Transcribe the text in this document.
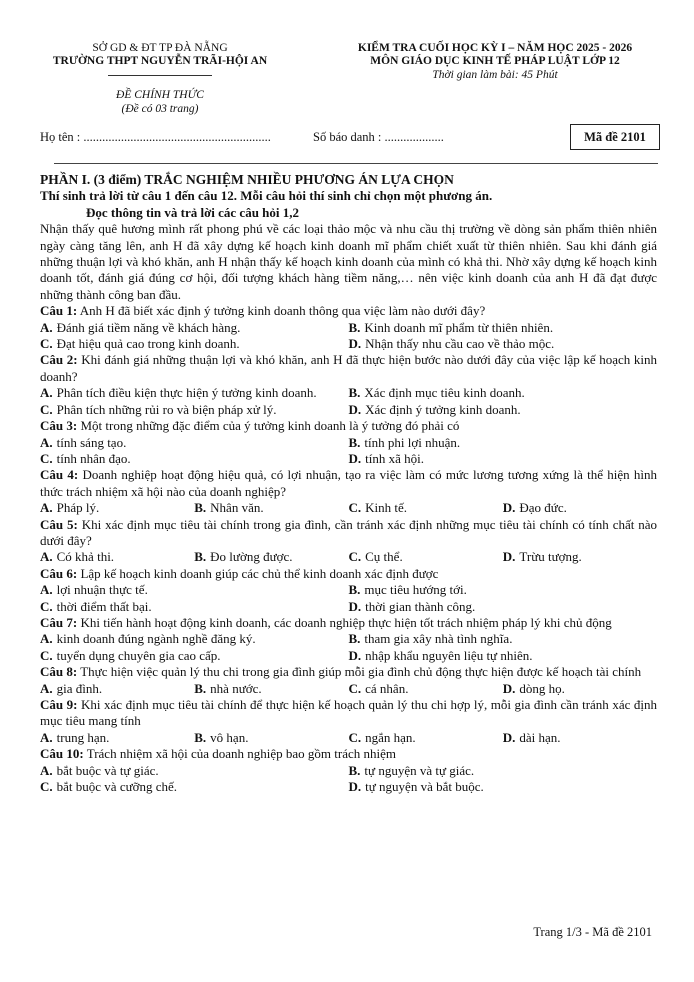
SỞ GD & ĐT TP ĐÀ NẴNG
TRƯỜNG THPT NGUYỄN TRÃI-HỘI AN
ĐỀ CHÍNH THỨC
(Đề có 03 trang)
KIỂM TRA CUỐI HỌC KỲ I – NĂM HỌC 2025 - 2026
MÔN GIÁO DỤC KINH TẾ PHÁP LUẬT LỚP 12
Thời gian làm bài: 45 Phút
Họ tên : ............................................................	Số báo danh : ...................	Mã đề 2101
PHẦN I. (3 điểm) TRẮC NGHIỆM NHIỀU PHƯƠNG ÁN LỰA CHỌN
Thí sinh trả lời từ câu 1 đến câu 12. Mỗi câu hỏi thí sinh chỉ chọn một phương án.
Đọc thông tin và trả lời các câu hỏi 1,2
Nhận thấy quê hương mình rất phong phú về các loại thảo mộc và nhu cầu thị trường về dòng sản phẩm thiên nhiên ngày càng tăng lên, anh H đã xây dựng kế hoạch kinh doanh mĩ phẩm chiết xuất từ thiên nhiên. Sau khi đánh giá những thuận lợi và khó khăn, anh H nhận thấy kế hoạch kinh doanh của mình có khả thi. Nhờ xây dựng kế hoạch kinh doanh tốt, đánh giá đúng cơ hội, đối tượng khách hàng tiềm năng,… nên việc kinh doanh của anh H đã đạt được những thành công ban đầu.
Câu 1: Anh H đã biết xác định ý tưởng kinh doanh thông qua việc làm nào dưới đây?
A. Đánh giá tiềm năng về khách hàng.	B. Kinh doanh mĩ phẩm từ thiên nhiên.
C. Đạt hiệu quả cao trong kinh doanh.	D. Nhận thấy nhu cầu cao về thảo mộc.
Câu 2: Khi đánh giá những thuận lợi và khó khăn, anh H đã thực hiện bước nào dưới đây của việc lập kế hoạch kinh doanh?
A. Phân tích điều kiện thực hiện ý tưởng kinh doanh.	B. Xác định mục tiêu kinh doanh.
C. Phân tích những rủi ro và biện pháp xử lý.	D. Xác định ý tưởng kinh doanh.
Câu 3: Một trong những đặc điểm của ý tưởng kinh doanh là ý tưởng đó phải có
A. tính sáng tạo.	B. tính phi lợi nhuận.
C. tính nhân đạo.	D. tính xã hội.
Câu 4: Doanh nghiệp hoạt động hiệu quả, có lợi nhuận, tạo ra việc làm có mức lương tương xứng là thể hiện hình thức trách nhiệm xã hội nào của doanh nghiệp?
A. Pháp lý.	B. Nhân văn.	C. Kinh tế.	D. Đạo đức.
Câu 5: Khi xác định mục tiêu tài chính trong gia đình, cần tránh xác định những mục tiêu tài chính có tính chất nào dưới đây?
A. Có khả thi.	B. Đo lường được.	C. Cụ thể.	D. Trừu tượng.
Câu 6: Lập kế hoạch kinh doanh giúp các chủ thể kinh doanh xác định được
A. lợi nhuận thực tế.	B. mục tiêu hướng tới.
C. thời điểm thất bại.	D. thời gian thành công.
Câu 7: Khi tiến hành hoạt động kinh doanh, các doanh nghiệp thực hiện tốt trách nhiệm pháp lý khi chủ động
A. kinh doanh đúng ngành nghề đăng ký.	B. tham gia xây nhà tình nghĩa.
C. tuyển dụng chuyên gia cao cấp.	D. nhập khẩu nguyên liệu tự nhiên.
Câu 8: Thực hiện việc quản lý thu chi trong gia đình giúp mỗi gia đình chủ động thực hiện được kế hoạch tài chính
A. gia đình.	B. nhà nước.	C. cá nhân.	D. dòng họ.
Câu 9: Khi xác định mục tiêu tài chính để thực hiện kế hoạch quản lý thu chi hợp lý, mỗi gia đình cần tránh xác định mục tiêu mang tính
A. trung hạn.	B. vô hạn.	C. ngắn hạn.	D. dài hạn.
Câu 10: Trách nhiệm xã hội của doanh nghiệp bao gồm trách nhiệm
A. bắt buộc và tự giác.	B. tự nguyện và tự giác.
C. bắt buộc và cưỡng chế.	D. tự nguyện và bắt buộc.
Trang 1/3 - Mã đề 2101
